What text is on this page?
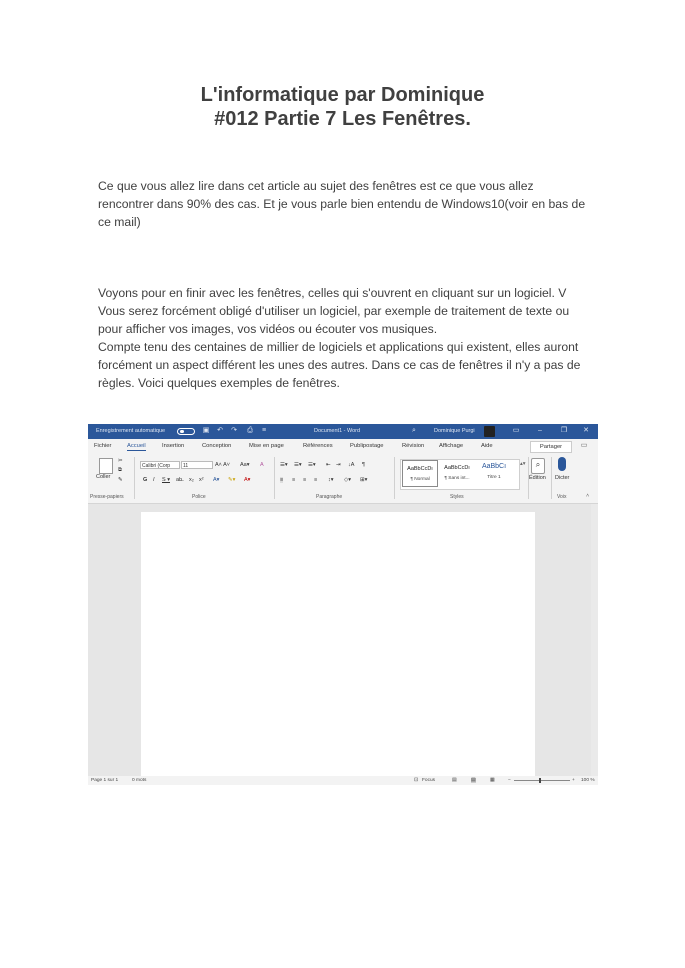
L'informatique par Dominique
#012 Partie 7 Les Fenêtres.

Ce que vous allez lire dans cet article au sujet des fenêtres est ce que vous allez rencontrer dans 90% des cas. Et je vous parle bien entendu de Windows10(voir en bas de ce mail)

Voyons pour en finir avec les fenêtres, celles qui s'ouvrent en cliquant sur un logiciel. V Vous serez forcément obligé d'utiliser un logiciel, par exemple de traitement de texte ou pour afficher vos images, vos vidéos ou écouter vos musiques.

Compte tenu des centaines de millier de logiciels et applications qui existent, elles auront forcément un aspect différent les unes des autres. Dans ce cas de fenêtres il n'y a pas de règles. Voici quelques exemples de fenêtres.

Enregistrement automatique	▣ ↶ ↷ ⎙ ≡	Document1 - Word	⌕	Dominique Purgi	▭	–	❐ ✕
Fichier	Accueil	Insertion	Conception	Mise en page	Références	Publipostage	Révision	Affichage	Aide	Partager	▭
Coller
✂
⧉
✎
Calibri (Corp	11	A˄ A˅ Aa▾ A
G I S ▾ ab̶ x₂ x² A▾ ✎▾ A▾
☰▾ ☰▾ ☰▾ ⇤ ⇥ ↓A ¶
≡ ≡ ≡ ≡ ↕▾ ◇▾ ⊞▾
AaBbCcDı
¶ Normal
AaBbCcDı
¶ Sans int...
AaBbCı
Titre 1
▴▾	⌕
Édition Dicter
Presse-papiers	Police	Paragraphe	Styles	Voix	˄
Page 1 sur 1	0 mots	⊡ Focus	▤	▤	▦	−	+ 100 %
